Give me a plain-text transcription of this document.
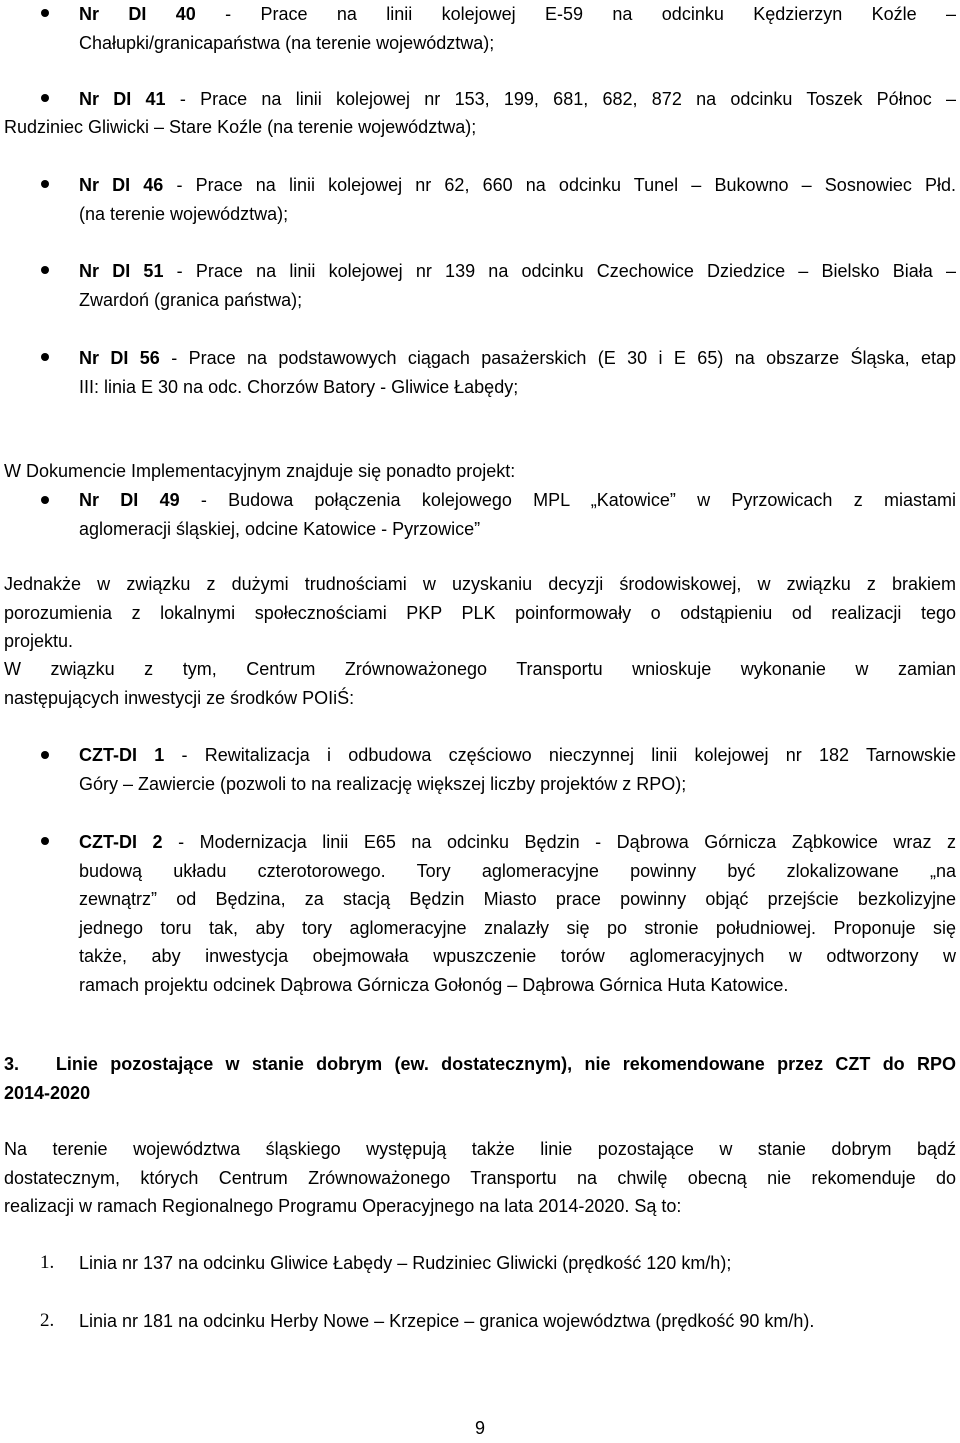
Nr DI 40 - Prace na linii kolejowej E-59 na odcinku Kędzierzyn Koźle –
Chałupki/granicapaństwa (na terenie województwa);

Nr DI 41 - Prace na linii kolejowej nr 153, 199, 681, 682, 872 na odcinku Toszek Północ –

Rudziniec Gliwicki – Stare Koźle (na terenie województwa);

Nr DI 46 - Prace na linii kolejowej nr 62, 660 na odcinku Tunel – Bukowno – Sosnowiec Płd.
(na terenie województwa);

Nr DI 51 - Prace na linii kolejowej nr 139 na odcinku Czechowice Dziedzice – Bielsko Biała –
Zwardoń (granica państwa);

Nr DI 56 - Prace na podstawowych ciągach pasażerskich (E 30 i E 65) na obszarze Śląska, etap
III: linia E 30 na odc. Chorzów Batory - Gliwice Łabędy;

W Dokumencie Implementacyjnym znajduje się ponadto projekt:

Nr DI 49 - Budowa połączenia kolejowego MPL „Katowice” w Pyrzowicach z miastami
aglomeracji śląskiej, odcine Katowice - Pyrzowice”

Jednakże w związku z dużymi trudnościami w uzyskaniu decyzji środowiskowej, w związku z brakiem
porozumienia z lokalnymi społecznościami PKP PLK poinformowały o odstąpieniu od realizacji tego
projektu.

W związku z tym, Centrum Zrównoważonego Transportu wnioskuje wykonanie w zamian
następujących inwestycji ze środków POIiŚ:

CZT-DI 1 - Rewitalizacja i odbudowa częściowo nieczynnej linii kolejowej nr 182 Tarnowskie
Góry – Zawiercie (pozwoli to na realizację większej liczby projektów z RPO);

CZT-DI 2 - Modernizacja linii E65 na odcinku Będzin - Dąbrowa Górnicza Ząbkowice wraz z
budową układu czterotorowego. Tory aglomeracyjne powinny być zlokalizowane „na
zewnątrz” od Będzina, za stacją Będzin Miasto prace powinny objąć przejście bezkolizyjne
jednego toru tak, aby tory aglomeracyjne znalazły się po stronie południowej. Proponuje się
także, aby inwestycja obejmowała wpuszczenie torów aglomeracyjnych w odtworzony w
ramach projektu odcinek Dąbrowa Górnicza Gołonóg – Dąbrowa Górnica Huta Katowice.

3.   Linie pozostające w stanie dobrym (ew. dostatecznym), nie rekomendowane przez CZT do RPO
2014-2020

Na terenie województwa śląskiego występują także linie pozostające w stanie dobrym bądź
dostatecznym, których Centrum Zrównoważonego Transportu na chwilę obecną nie rekomenduje do
realizacji w ramach Regionalnego Programu Operacyjnego na lata 2014-2020. Są to:

1. Linia nr 137 na odcinku Gliwice Łabędy – Rudziniec Gliwicki (prędkość 120 km/h);

2. Linia nr 181 na odcinku Herby Nowe – Krzepice – granica województwa (prędkość 90 km/h).

9
